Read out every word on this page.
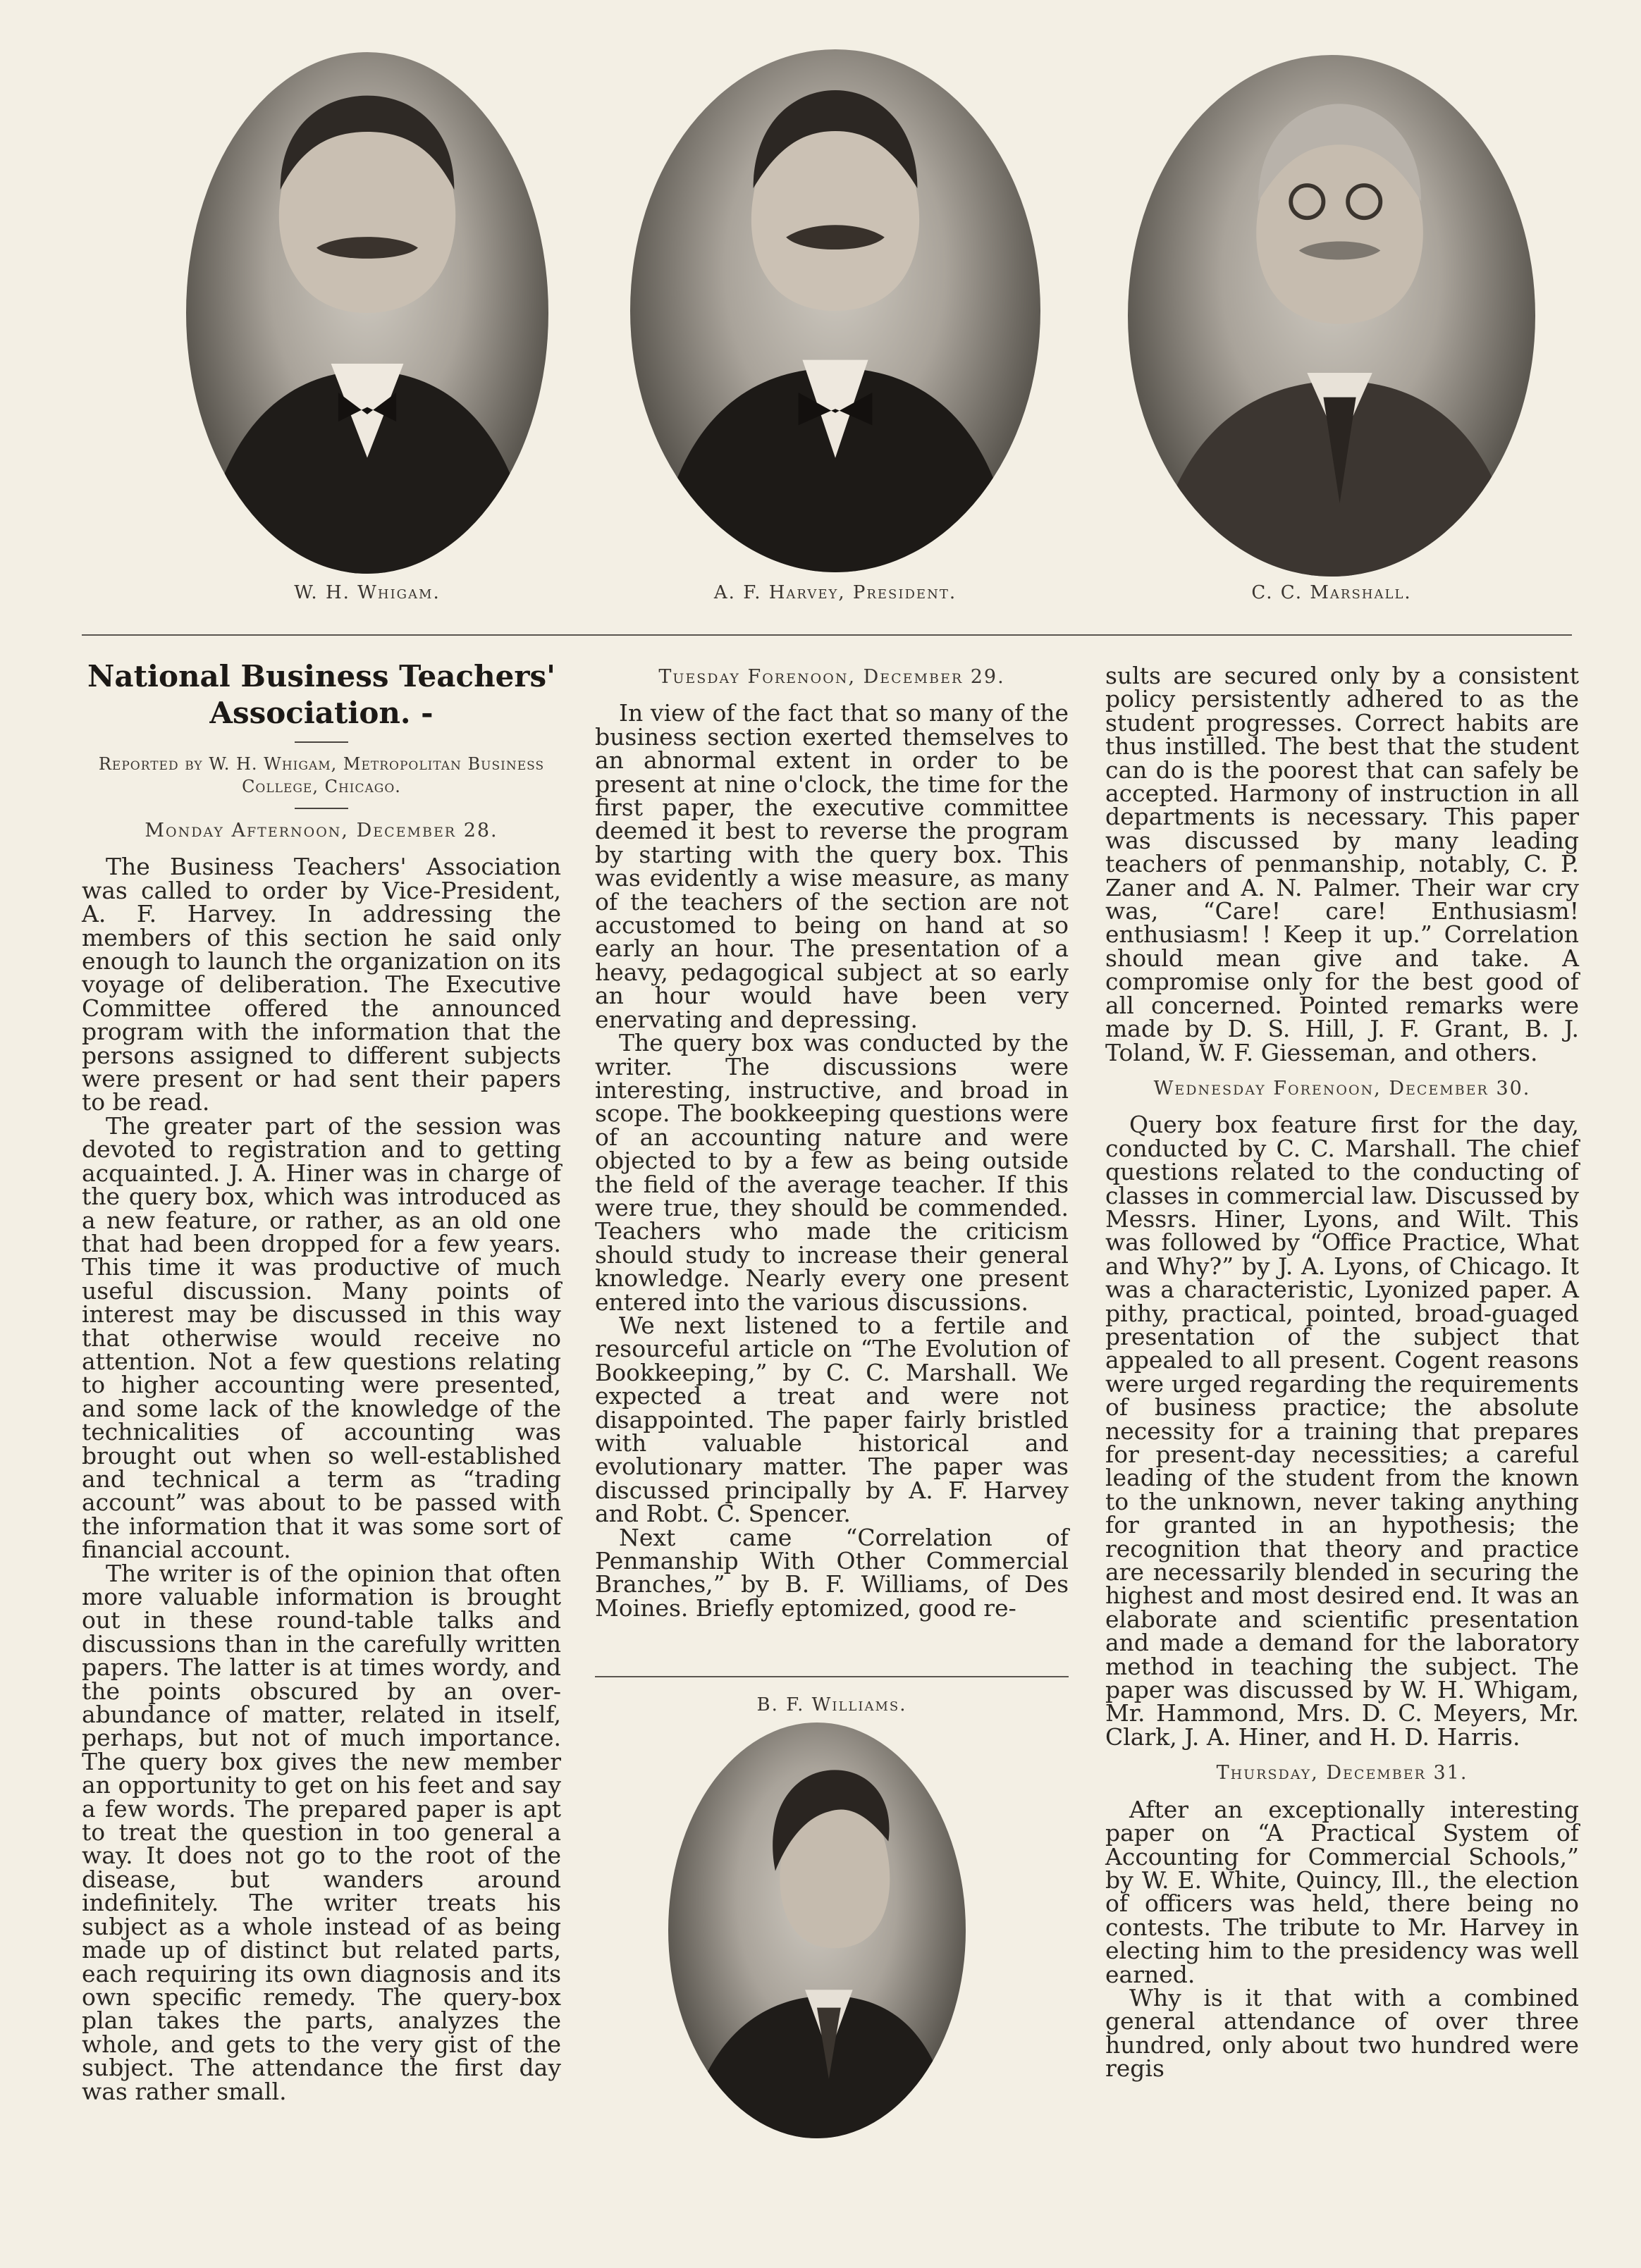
W. H. Whigam.	A. F. Harvey, President.	C. C. Marshall.
National Business Teachers' Association. -
Reported by W. H. Whigam, Metropolitan Business College, Chicago.

Monday Afternoon, December 28.

The Business Teachers' Association was called to order by Vice-President, A. F. Harvey. In addressing the members of this section he said only enough to launch the organization on its voyage of deliberation. The Executive Committee offered the announced program with the information that the persons assigned to different subjects were present or had sent their papers to be read.

The greater part of the session was devoted to registration and to getting acquainted. J. A. Hiner was in charge of the query box, which was introduced as a new feature, or rather, as an old one that had been dropped for a few years. This time it was productive of much useful discussion. Many points of interest may be discussed in this way that otherwise would receive no attention. Not a few questions relating to higher accounting were presented, and some lack of the knowledge of the technicalities of accounting was brought out when so well-established and technical a term as “trading account” was about to be passed with the information that it was some sort of financial account.

The writer is of the opinion that often more valuable information is brought out in these round-table talks and discussions than in the carefully written papers. The latter is at times wordy, and the points obscured by an over-abundance of matter, related in itself, perhaps, but not of much importance. The query box gives the new member an opportunity to get on his feet and say a few words. The prepared paper is apt to treat the question in too general a way. It does not go to the root of the disease, but wanders around indefinitely. The writer treats his subject as a whole instead of as being made up of distinct but related parts, each requiring its own diagnosis and its own specific remedy. The query-box plan takes the parts, analyzes the whole, and gets to the very gist of the subject. The attendance the first day was rather small.

Tuesday Forenoon, December 29.

In view of the fact that so many of the business section exerted themselves to an abnormal extent in order to be present at nine o'clock, the time for the first paper, the executive committee deemed it best to reverse the program by starting with the query box. This was evidently a wise measure, as many of the teachers of the section are not accustomed to being on hand at so early an hour. The presentation of a heavy, pedagogical subject at so early an hour would have been very enervating and depressing.

The query box was conducted by the writer. The discussions were interesting, instructive, and broad in scope. The bookkeeping questions were of an accounting nature and were objected to by a few as being outside the field of the average teacher. If this were true, they should be commended. Teachers who made the criticism should study to increase their general knowledge. Nearly every one present entered into the various discussions.

We next listened to a fertile and resourceful article on “The Evolution of Bookkeeping,” by C. C. Marshall. We expected a treat and were not disappointed. The paper fairly bristled with valuable historical and evolutionary matter. The paper was discussed principally by A. F. Harvey and Robt. C. Spencer.

Next came “Correlation of Penmanship With Other Commercial Branches,” by B. F. Williams, of Des Moines. Briefly eptomized, good re-

B. F. Williams.

sults are secured only by a consistent policy persistently adhered to as the student progresses. Correct habits are thus instilled. The best that the student can do is the poorest that can safely be accepted. Harmony of instruction in all departments is necessary. This paper was discussed by many leading teachers of penmanship, notably, C. P. Zaner and A. N. Palmer. Their war cry was, “Care! care! Enthusiasm! enthusiasm! ! Keep it up.” Correlation should mean give and take. A compromise only for the best good of all concerned. Pointed remarks were made by D. S. Hill, J. F. Grant, B. J. Toland, W. F. Giesseman, and others.

Wednesday Forenoon, December 30.

Query box feature first for the day, conducted by C. C. Marshall. The chief questions related to the conducting of classes in commercial law. Discussed by Messrs. Hiner, Lyons, and Wilt. This was followed by “Office Practice, What and Why?” by J. A. Lyons, of Chicago. It was a characteristic, Lyonized paper. A pithy, practical, pointed, broad-guaged presentation of the subject that appealed to all present. Cogent reasons were urged regarding the requirements of business practice; the absolute necessity for a training that prepares for present-day necessities; a careful leading of the student from the known to the unknown, never taking anything for granted in an hypothesis; the recognition that theory and practice are necessarily blended in securing the highest and most desired end. It was an elaborate and scientific presentation and made a demand for the laboratory method in teaching the subject. The paper was discussed by W. H. Whigam, Mr. Hammond, Mrs. D. C. Meyers, Mr. Clark, J. A. Hiner, and H. D. Harris.

Thursday, December 31.

After an exceptionally interesting paper on “A Practical System of Accounting for Commercial Schools,” by W. E. White, Quincy, Ill., the election of officers was held, there being no contests. The tribute to Mr. Harvey in electing him to the presidency was well earned.

Why is it that with a combined general attendance of over three hundred, only about two hundred were regis
